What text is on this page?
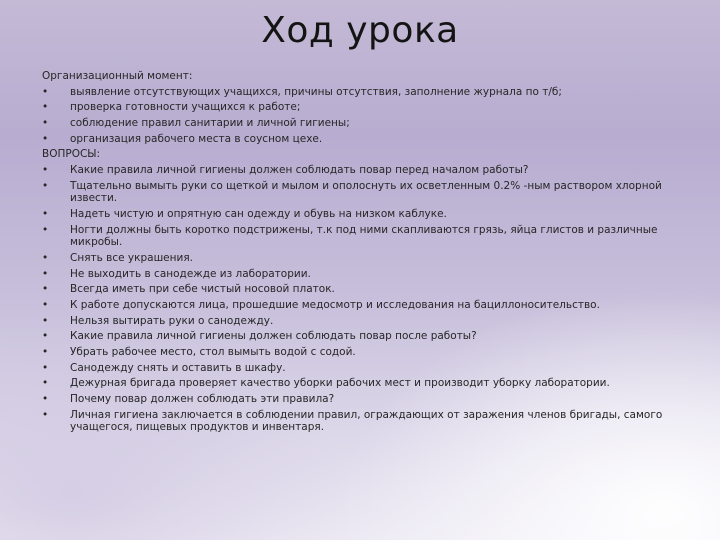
Ход урока
Организационный момент:
•	выявление отсутствующих учащихся, причины отсутствия, заполнение журнала по т/б;
•	проверка готовности учащихся к работе;
•	соблюдение правил санитарии и личной гигиены;
•	организация рабочего места в соусном цехе.
ВОПРОСЫ:
•	Какие правила личной гигиены должен соблюдать повар перед началом работы?
•	Тщательно вымыть руки со щеткой и мылом и ополоснуть их осветленным 0.2% -ным раствором хлорной извести.
•	Надеть чистую и опрятную сан одежду и обувь на низком каблуке.
•	Ногти должны быть коротко подстрижены, т.к под ними скапливаются грязь, яйца глистов и различные микробы.
•	Снять все украшения.
•	Не выходить в санодежде из лаборатории.
•	Всегда иметь при себе чистый носовой платок.
•	К работе допускаются лица, прошедшие медосмотр и исследования на бациллоносительство.
•	Нельзя вытирать руки о санодежду.
•	Какие правила личной гигиены должен соблюдать повар после работы?
•	Убрать рабочее место, стол вымыть водой с содой.
•	Санодежду снять и оставить в шкафу.
•	Дежурная бригада проверяет качество уборки рабочих мест и производит уборку лаборатории.
•	Почему повар должен соблюдать эти правила?
•	Личная гигиена заключается в соблюдении правил, ограждающих от заражения членов бригады, самого учащегося, пищевых продуктов и инвентаря.
